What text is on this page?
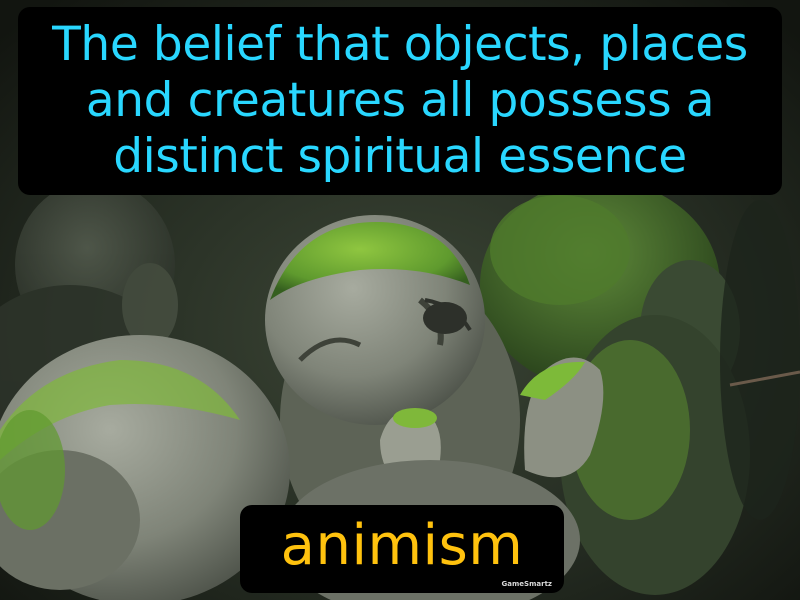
The belief that objects, places
and creatures all possess a
distinct spiritual essence
animism
GameSmartz
